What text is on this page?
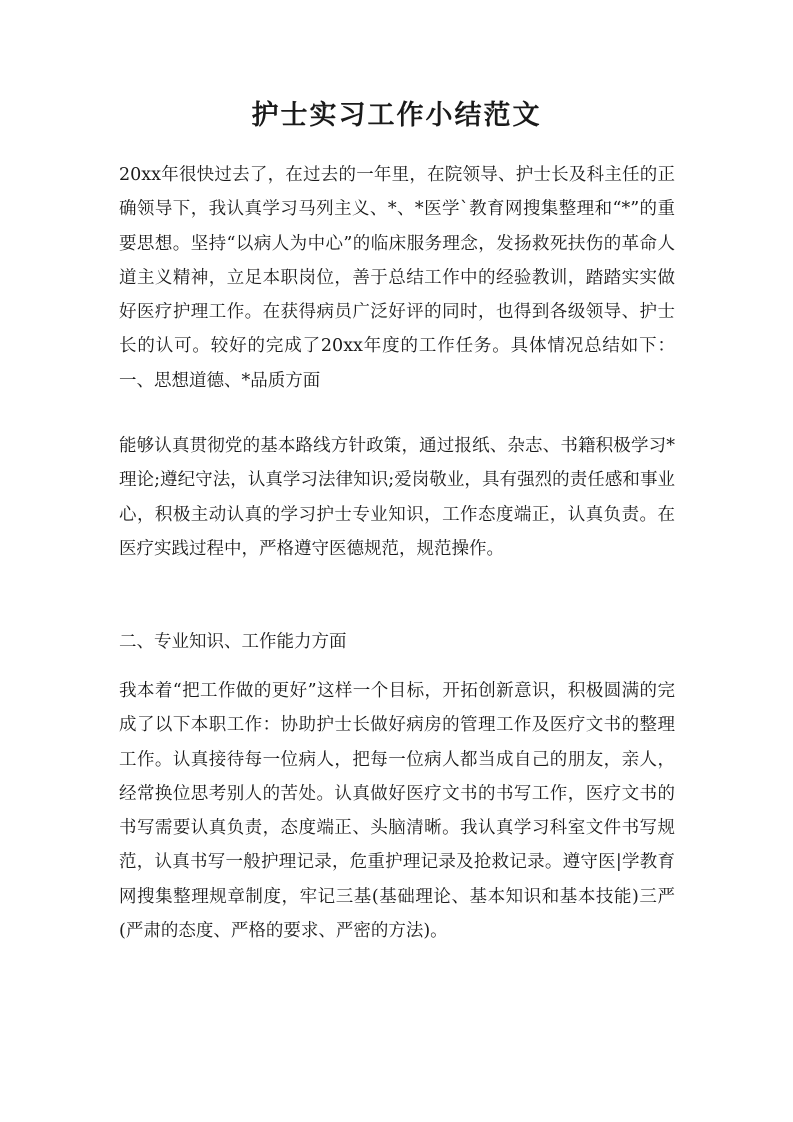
护士实习工作小结范文

20xx年很快过去了，在过去的一年里，在院领导、护士长及科主任的正确领导下，我认真学习马列主义、*、*医学`教育网搜集整理和“*”的重要思想。坚持“以病人为中心”的临床服务理念，发扬救死扶伤的革命人道主义精神，立足本职岗位，善于总结工作中的经验教训，踏踏实实做好医疗护理工作。在获得病员广泛好评的同时，也得到各级领导、护士长的认可。较好的完成了20xx年度的工作任务。具体情况总结如下： 一、思想道德、*品质方面

能够认真贯彻党的基本路线方针政策，通过报纸、杂志、书籍积极学习*理论;遵纪守法，认真学习法律知识;爱岗敬业，具有强烈的责任感和事业心，积极主动认真的学习护士专业知识，工作态度端正，认真负责。在医疗实践过程中，严格遵守医德规范，规范操作。

二、专业知识、工作能力方面

我本着“把工作做的更好”这样一个目标，开拓创新意识，积极圆满的完成了以下本职工作：协助护士长做好病房的管理工作及医疗文书的整理工作。认真接待每一位病人，把每一位病人都当成自己的朋友，亲人，经常换位思考别人的苦处。认真做好医疗文书的书写工作，医疗文书的书写需要认真负责，态度端正、头脑清晰。我认真学习科室文件书写规范，认真书写一般护理记录，危重护理记录及抢救记录。遵守医|学教育网搜集整理规章制度，牢记三基(基础理论、基本知识和基本技能)三严(严肃的态度、严格的要求、严密的方法)。
